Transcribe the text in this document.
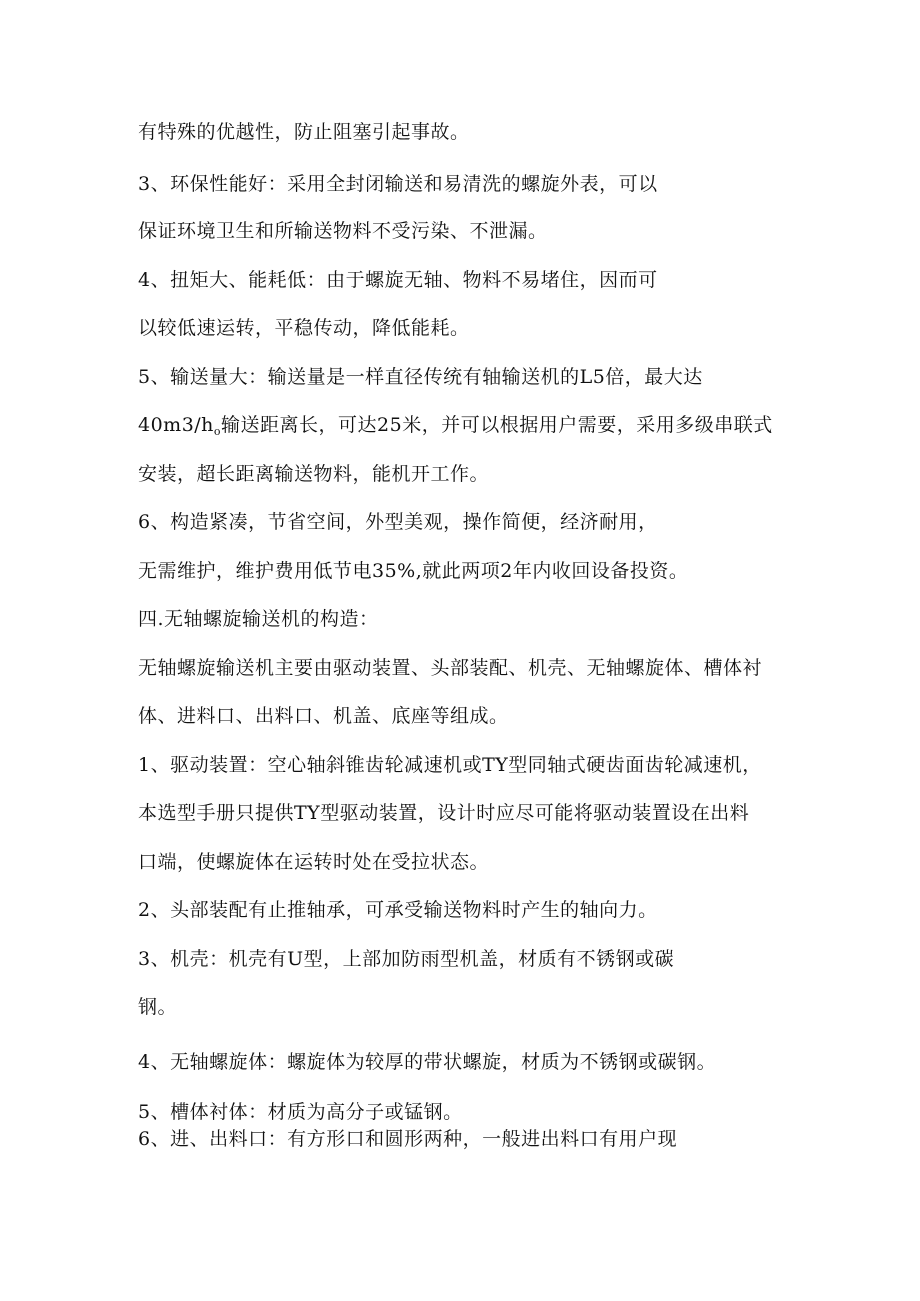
有特殊的优越性，防止阻塞引起事故。

3、环保性能好：采用全封闭输送和易清洗的螺旋外表，可以

保证环境卫生和所输送物料不受污染、不泄漏。

4、扭矩大、能耗低：由于螺旋无轴、物料不易堵住，因而可

以较低速运转，平稳传动，降低能耗。

5、输送量大：输送量是一样直径传统有轴输送机的L5倍，最大达

$40m3/h_o$输送距离长，可达25米，并可以根据用户需要，采用多级串联式

安装，超长距离输送物料，能机开工作。

6、构造紧凑，节省空间，外型美观，操作简便，经济耐用，

无需维护，维护费用低节电35%,就此两项2年内收回设备投资。

四.无轴螺旋输送机的构造：

无轴螺旋输送机主要由驱动装置、头部装配、机壳、无轴螺旋体、槽体衬

体、进料口、出料口、机盖、底座等组成。

1、驱动装置：空心轴斜锥齿轮减速机或TY型同轴式硬齿面齿轮减速机，

本选型手册只提供TY型驱动装置，设计时应尽可能将驱动装置设在出料

口端，使螺旋体在运转时处在受拉状态。

2、头部装配有止推轴承，可承受输送物料时产生的轴向力。

3、机壳：机壳有U型，上部加防雨型机盖，材质有不锈钢或碳

钢。

4、无轴螺旋体：螺旋体为较厚的带状螺旋，材质为不锈钢或碳钢。

5、槽体衬体：材质为高分子或锰钢。

6、进、出料口：有方形口和圆形两种，一般进出料口有用户现
